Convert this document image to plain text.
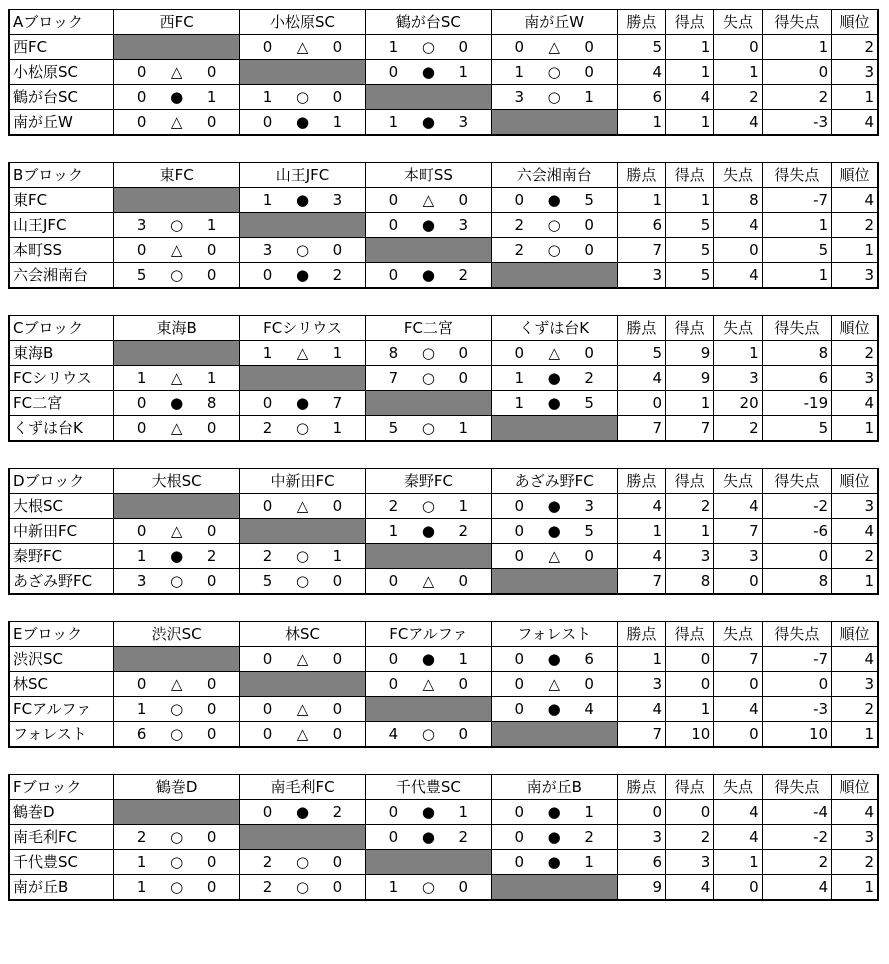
Aブロック	西FC	小松原SC	鶴が台SC	南が丘W	勝点	得点	失点	得失点	順位
西FC		0 △ 0	1 ○ 0	0 △ 0	5	1	0	1	2
小松原SC	0 △ 0		0 ● 1	1 ○ 0	4	1	1	0	3
鶴が台SC	0 ● 1	1 ○ 0		3 ○ 1	6	4	2	2	1
南が丘W	0 △ 0	0 ● 1	1 ● 3		1	1	4	-3	4
Bブロック	東FC	山王JFC	本町SS	六会湘南台	勝点	得点	失点	得失点	順位
東FC		1 ● 3	0 △ 0	0 ● 5	1	1	8	-7	4
山王JFC	3 ○ 1		0 ● 3	2 ○ 0	6	5	4	1	2
本町SS	0 △ 0	3 ○ 0		2 ○ 0	7	5	0	5	1
六会湘南台	5 ○ 0	0 ● 2	0 ● 2		3	5	4	1	3
Cブロック	東海B	FCシリウス	FC二宮	くずは台K	勝点	得点	失点	得失点	順位
東海B		1 △ 1	8 ○ 0	0 △ 0	5	9	1	8	2
FCシリウス	1 △ 1		7 ○ 0	1 ● 2	4	9	3	6	3
FC二宮	0 ● 8	0 ● 7		1 ● 5	0	1	20	-19	4
くずは台K	0 △ 0	2 ○ 1	5 ○ 1		7	7	2	5	1
Dブロック	大根SC	中新田FC	秦野FC	あざみ野FC	勝点	得点	失点	得失点	順位
大根SC		0 △ 0	2 ○ 1	0 ● 3	4	2	4	-2	3
中新田FC	0 △ 0		1 ● 2	0 ● 5	1	1	7	-6	4
秦野FC	1 ● 2	2 ○ 1		0 △ 0	4	3	3	0	2
あざみ野FC	3 ○ 0	5 ○ 0	0 △ 0		7	8	0	8	1
Eブロック	渋沢SC	林SC	FCアルファ	フォレスト	勝点	得点	失点	得失点	順位
渋沢SC		0 △ 0	0 ● 1	0 ● 6	1	0	7	-7	4
林SC	0 △ 0		0 △ 0	0 △ 0	3	0	0	0	3
FCアルファ	1 ○ 0	0 △ 0		0 ● 4	4	1	4	-3	2
フォレスト	6 ○ 0	0 △ 0	4 ○ 0		7	10	0	10	1
Fブロック	鶴巻D	南毛利FC	千代豊SC	南が丘B	勝点	得点	失点	得失点	順位
鶴巻D		0 ● 2	0 ● 1	0 ● 1	0	0	4	-4	4
南毛利FC	2 ○ 0		0 ● 2	0 ● 2	3	2	4	-2	3
千代豊SC	1 ○ 0	2 ○ 0		0 ● 1	6	3	1	2	2
南が丘B	1 ○ 0	2 ○ 0	1 ○ 0		9	4	0	4	1
